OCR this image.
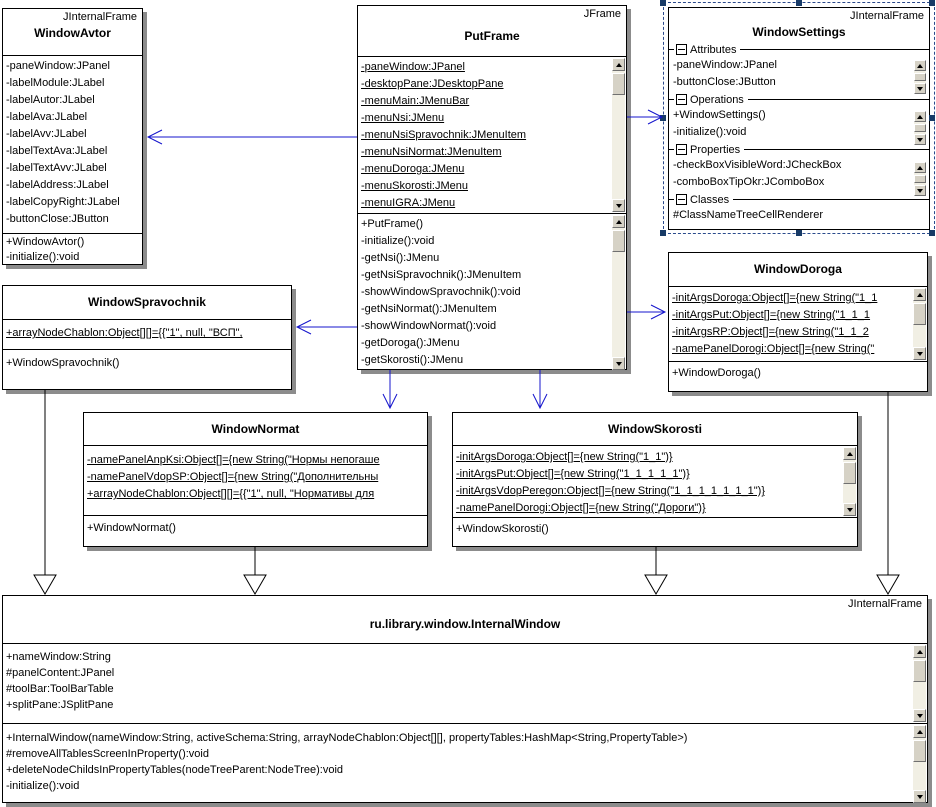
JInternalFrame
WindowAvtor
-paneWindow:JPanel
-labelModule:JLabel
-labelAutor:JLabel
-labelAva:JLabel
-labelAvv:JLabel
-labelTextAva:JLabel
-labelTextAvv:JLabel
-labelAddress:JLabel
-labelCopyRight:JLabel
-buttonClose:JButton
+WindowAvtor()
-initialize():void
JFrame
PutFrame
-paneWindow:JPanel
-desktopPane:JDesktopPane
-menuMain:JMenuBar
-menuNsi:JMenu
-menuNsiSpravochnik:JMenuItem
-menuNsiNormat:JMenuItem
-menuDoroga:JMenu
-menuSkorosti:JMenu
-menuIGRA:JMenu
+PutFrame()
-initialize():void
-getNsi():JMenu
-getNsiSpravochnik():JMenuItem
-showWindowSpravochnik():void
-getNsiNormat():JMenuItem
-showWindowNormat():void
-getDoroga():JMenu
-getSkorosti():JMenu
JInternalFrame
WindowSettings
Attributes
-paneWindow:JPanel
-buttonClose:JButton
Operations
+WindowSettings()
-initialize():void
Properties
-checkBoxVisibleWord:JCheckBox
-comboBoxTipOkr:JComboBox
Classes
#ClassNameTreeCellRenderer
WindowSpravochnik
+arrayNodeChablon:Object[][]={{"1", null, "ВСП",
+WindowSpravochnik()
WindowDoroga
-initArgsDoroga:Object[]={new String("1_1
-initArgsPut:Object[]={new String("1_1_1
-initArgsRP:Object[]={new String("1_1_2
-namePanelDorogi:Object[]={new String("
+WindowDoroga()
WindowNormat
-namePanelAnpKsi:Object[]={new String("Нормы непогаше
-namePanelVdopSP:Object[]={new String("Дополнительны
+arrayNodeChablon:Object[][]={{"1", null, "Нормативы для
+WindowNormat()
WindowSkorosti
-initArgsDoroga:Object[]={new String("1_1")}
-initArgsPut:Object[]={new String("1_1_1_1_1")}
-initArgsVdopPeregon:Object[]={new String("1_1_1_1_1_1_1")}
-namePanelDorogi:Object[]={new String("Дороги")}
+WindowSkorosti()
JInternalFrame
ru.library.window.InternalWindow
+nameWindow:String
#panelContent:JPanel
#toolBar:ToolBarTable
+splitPane:JSplitPane
+InternalWindow(nameWindow:String, activeSchema:String, arrayNodeChablon:Object[][], propertyTables:HashMap<String,PropertyTable>)
#removeAllTablesScreenInProperty():void
+deleteNodeChildsInPropertyTables(nodeTreeParent:NodeTree):void
-initialize():void
